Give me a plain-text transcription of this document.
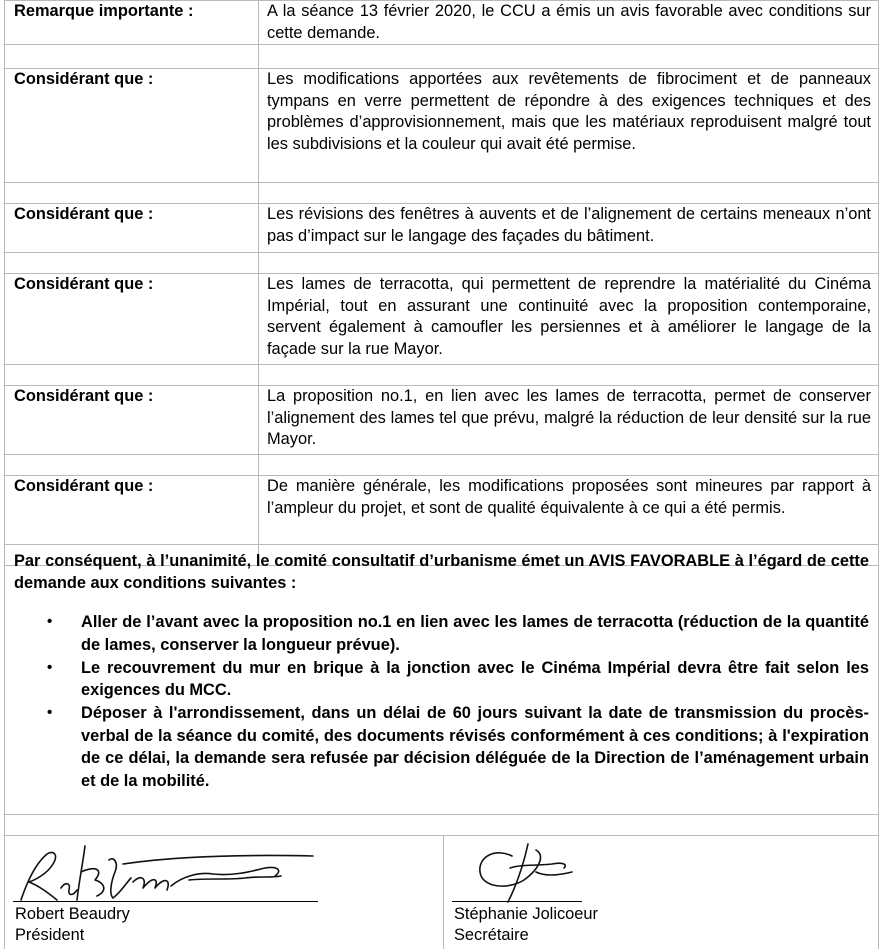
Remarque importante :	A la séance 13 février 2020, le CCU a émis un avis favorable avec conditions sur cette demande.

Considérant que :	Les modifications apportées aux revêtements de fibrociment et de panneaux tympans en verre permettent de répondre à des exigences techniques et des problèmes d’approvisionnement, mais que les matériaux reproduisent malgré tout les subdivisions et la couleur qui avait été permise.

Considérant que :	Les révisions des fenêtres à auvents et de l’alignement de certains meneaux n’ont pas d’impact sur le langage des façades du bâtiment.

Considérant que :	Les lames de terracotta, qui permettent de reprendre la matérialité du Cinéma Impérial, tout en assurant une continuité avec la proposition contemporaine, servent également à camoufler les persiennes et à améliorer le langage de la façade sur la rue Mayor.

Considérant que :	La proposition no.1, en lien avec les lames de terracotta, permet de conserver l’alignement des lames tel que prévu, malgré la réduction de leur densité sur la rue Mayor.

Considérant que :	De manière générale, les modifications proposées sont mineures par rapport à l’ampleur du projet, et sont de qualité équivalente à ce qui a été permis.

Par conséquent, à l’unanimité, le comité consultatif d’urbanisme émet un AVIS FAVORABLE à l’égard de cette demande aux conditions suivantes :
• Aller de l’avant avec la proposition no.1 en lien avec les lames de terracotta (réduction de la quantité de lames, conserver la longueur prévue).
• Le recouvrement du mur en brique à la jonction avec le Cinéma Impérial devra être fait selon les exigences du MCC.
• Déposer à l'arrondissement, dans un délai de 60 jours suivant la date de transmission du procès-verbal de la séance du comité, des documents révisés conformément à ces conditions; à l'expiration de ce délai, la demande sera refusée par décision déléguée de la Direction de l’aménagement urbain et de la mobilité.
Robert Beaudry
Président
Stéphanie Jolicoeur
Secrétaire
